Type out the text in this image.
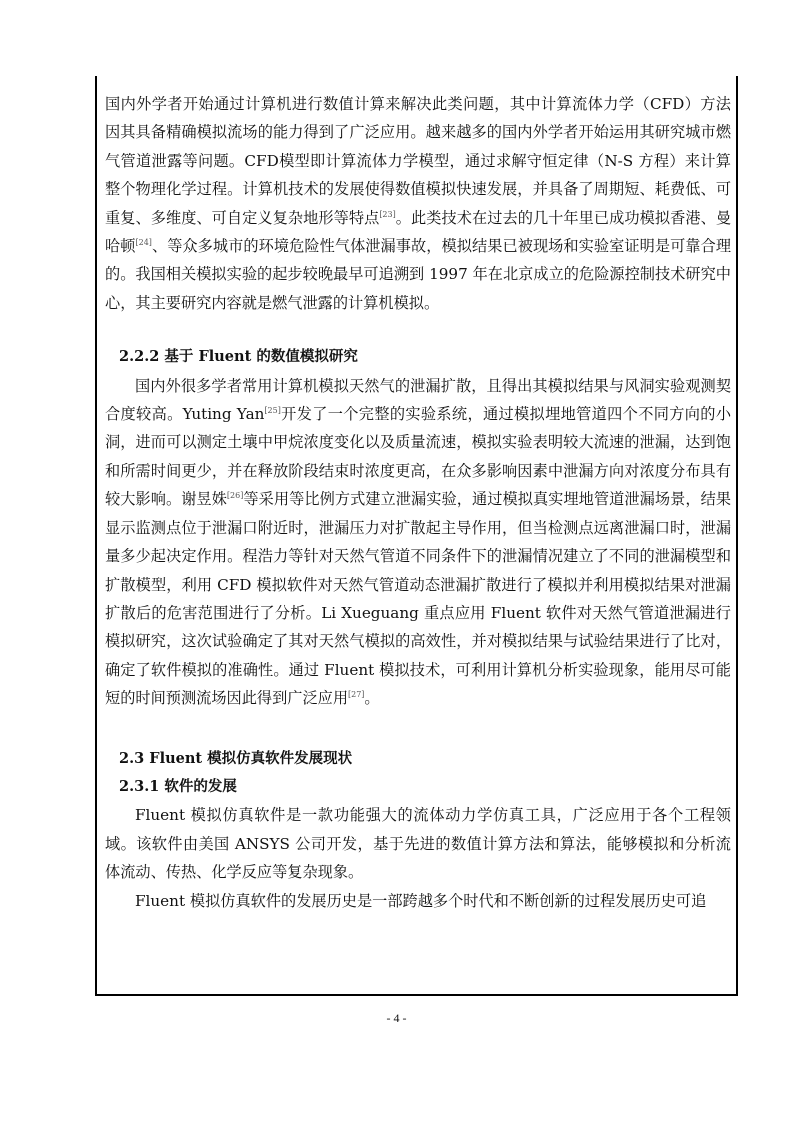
国内外学者开始通过计算机进行数值计算来解决此类问题，其中计算流体力学（CFD）方法因其具备精确模拟流场的能力得到了广泛应用。越来越多的国内外学者开始运用其研究城市燃气管道泄露等问题。CFD模型即计算流体力学模型，通过求解守恒定律（N-S 方程）来计算整个物理化学过程。计算机技术的发展使得数值模拟快速发展，并具备了周期短、耗费低、可重复、多维度、可自定义复杂地形等特点[23]。此类技术在过去的几十年里已成功模拟香港、曼哈顿[24]、等众多城市的环境危险性气体泄漏事故，模拟结果已被现场和实验室证明是可靠合理的。我国相关模拟实验的起步较晚最早可追溯到 1997 年在北京成立的危险源控制技术研究中心，其主要研究内容就是燃气泄露的计算机模拟。

2.2.2 基于 Fluent 的数值模拟研究

国内外很多学者常用计算机模拟天然气的泄漏扩散，且得出其模拟结果与风洞实验观测契合度较高。Yuting Yan[25]开发了一个完整的实验系统，通过模拟埋地管道四个不同方向的小洞，进而可以测定土壤中甲烷浓度变化以及质量流速，模拟实验表明较大流速的泄漏，达到饱和所需时间更少，并在释放阶段结束时浓度更高，在众多影响因素中泄漏方向对浓度分布具有较大影响。谢昱姝[26]等采用等比例方式建立泄漏实验，通过模拟真实埋地管道泄漏场景，结果显示监测点位于泄漏口附近时，泄漏压力对扩散起主导作用，但当检测点远离泄漏口时，泄漏量多少起决定作用。程浩力等针对天然气管道不同条件下的泄漏情况建立了不同的泄漏模型和扩散模型，利用 CFD 模拟软件对天然气管道动态泄漏扩散进行了模拟并利用模拟结果对泄漏扩散后的危害范围进行了分析。Li Xueguang 重点应用 Fluent 软件对天然气管道泄漏进行模拟研究，这次试验确定了其对天然气模拟的高效性，并对模拟结果与试验结果进行了比对，确定了软件模拟的准确性。通过 Fluent 模拟技术，可利用计算机分析实验现象，能用尽可能短的时间预测流场因此得到广泛应用[27]。

2.3 Fluent 模拟仿真软件发展现状

2.3.1 软件的发展

Fluent 模拟仿真软件是一款功能强大的流体动力学仿真工具，广泛应用于各个工程领域。该软件由美国 ANSYS 公司开发，基于先进的数值计算方法和算法，能够模拟和分析流体流动、传热、化学反应等复杂现象。

Fluent 模拟仿真软件的发展历史是一部跨越多个时代和不断创新的过程发展历史可追

- 4 -
